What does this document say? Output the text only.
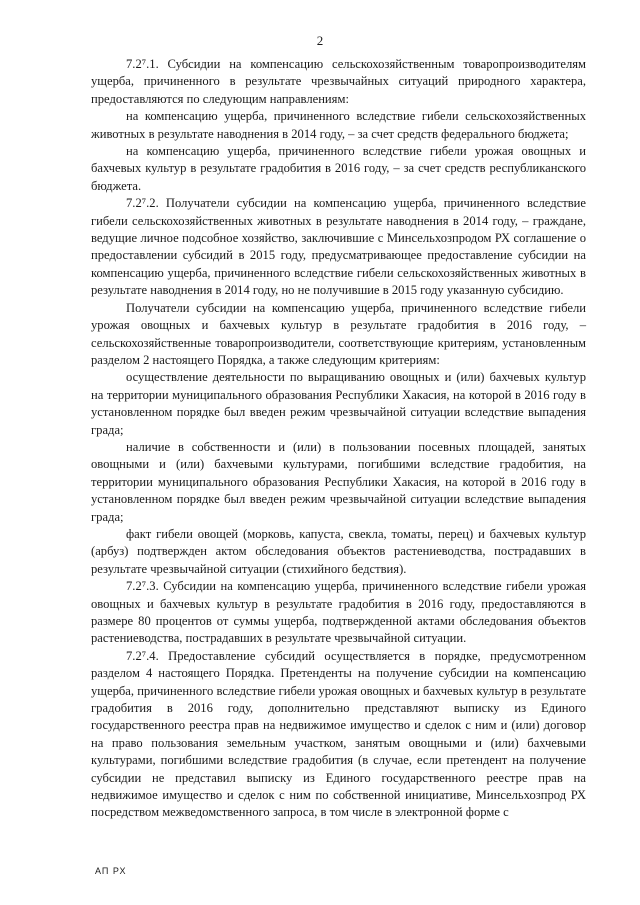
2

7.2⁷.1. Субсидии на компенсацию сельскохозяйственным товаропроизводителям ущерба, причиненного в результате чрезвычайных ситуаций природного характера, предоставляются по следующим направлениям:

на компенсацию ущерба, причиненного вследствие гибели сельскохозяйственных животных в результате наводнения в 2014 году, – за счет средств федерального бюджета;

на компенсацию ущерба, причиненного вследствие гибели урожая овощных и бахчевых культур в результате градобития в 2016 году, – за счет средств республиканского бюджета.

7.2⁷.2. Получатели субсидии на компенсацию ущерба, причиненного вследствие гибели сельскохозяйственных животных в результате наводнения в 2014 году, – граждане, ведущие личное подсобное хозяйство, заключившие с Минсельхозпродом РХ соглашение о предоставлении субсидий в 2015 году, предусматривающее предоставление субсидии на компенсацию ущерба, причиненного вследствие гибели сельскохозяйственных животных в результате наводнения в 2014 году, но не получившие в 2015 году указанную субсидию.

Получатели субсидии на компенсацию ущерба, причиненного вследствие гибели урожая овощных и бахчевых культур в результате градобития в 2016 году, – сельскохозяйственные товаропроизводители, соответствующие критериям, установленным разделом 2 настоящего Порядка, а также следующим критериям:

осуществление деятельности по выращиванию овощных и (или) бахчевых культур на территории муниципального образования Республики Хакасия, на которой в 2016 году в установленном порядке был введен режим чрезвычайной ситуации вследствие выпадения града;

наличие в собственности и (или) в пользовании посевных площадей, занятых овощными и (или) бахчевыми культурами, погибшими вследствие градобития, на территории муниципального образования Республики Хакасия, на которой в 2016 году в установленном порядке был введен режим чрезвычайной ситуации вследствие выпадения града;

факт гибели овощей (морковь, капуста, свекла, томаты, перец) и бахчевых культур (арбуз) подтвержден актом обследования объектов растениеводства, пострадавших в результате чрезвычайной ситуации (стихийного бедствия).

7.2⁷.3. Субсидии на компенсацию ущерба, причиненного вследствие гибели урожая овощных и бахчевых культур в результате градобития в 2016 году, предоставляются в размере 80 процентов от суммы ущерба, подтвержденной актами обследования объектов растениеводства, пострадавших в результате чрезвычайной ситуации.

7.2⁷.4. Предоставление субсидий осуществляется в порядке, предусмотренном разделом 4 настоящего Порядка. Претенденты на получение субсидии на компенсацию ущерба, причиненного вследствие гибели урожая овощных и бахчевых культур в результате градобития в 2016 году, дополнительно представляют выписку из Единого государственного реестра прав на недвижимое имущество и сделок с ним и (или) договор на право пользования земельным участком, занятым овощными и (или) бахчевыми культурами, погибшими вследствие градобития (в случае, если претендент на получение субсидии не представил выписку из Единого государственного реестре прав на недвижимое имущество и сделок с ним по собственной инициативе, Минсельхозпрод РХ посредством межведомственного запроса, в том числе в электронной форме с

АП РХ
